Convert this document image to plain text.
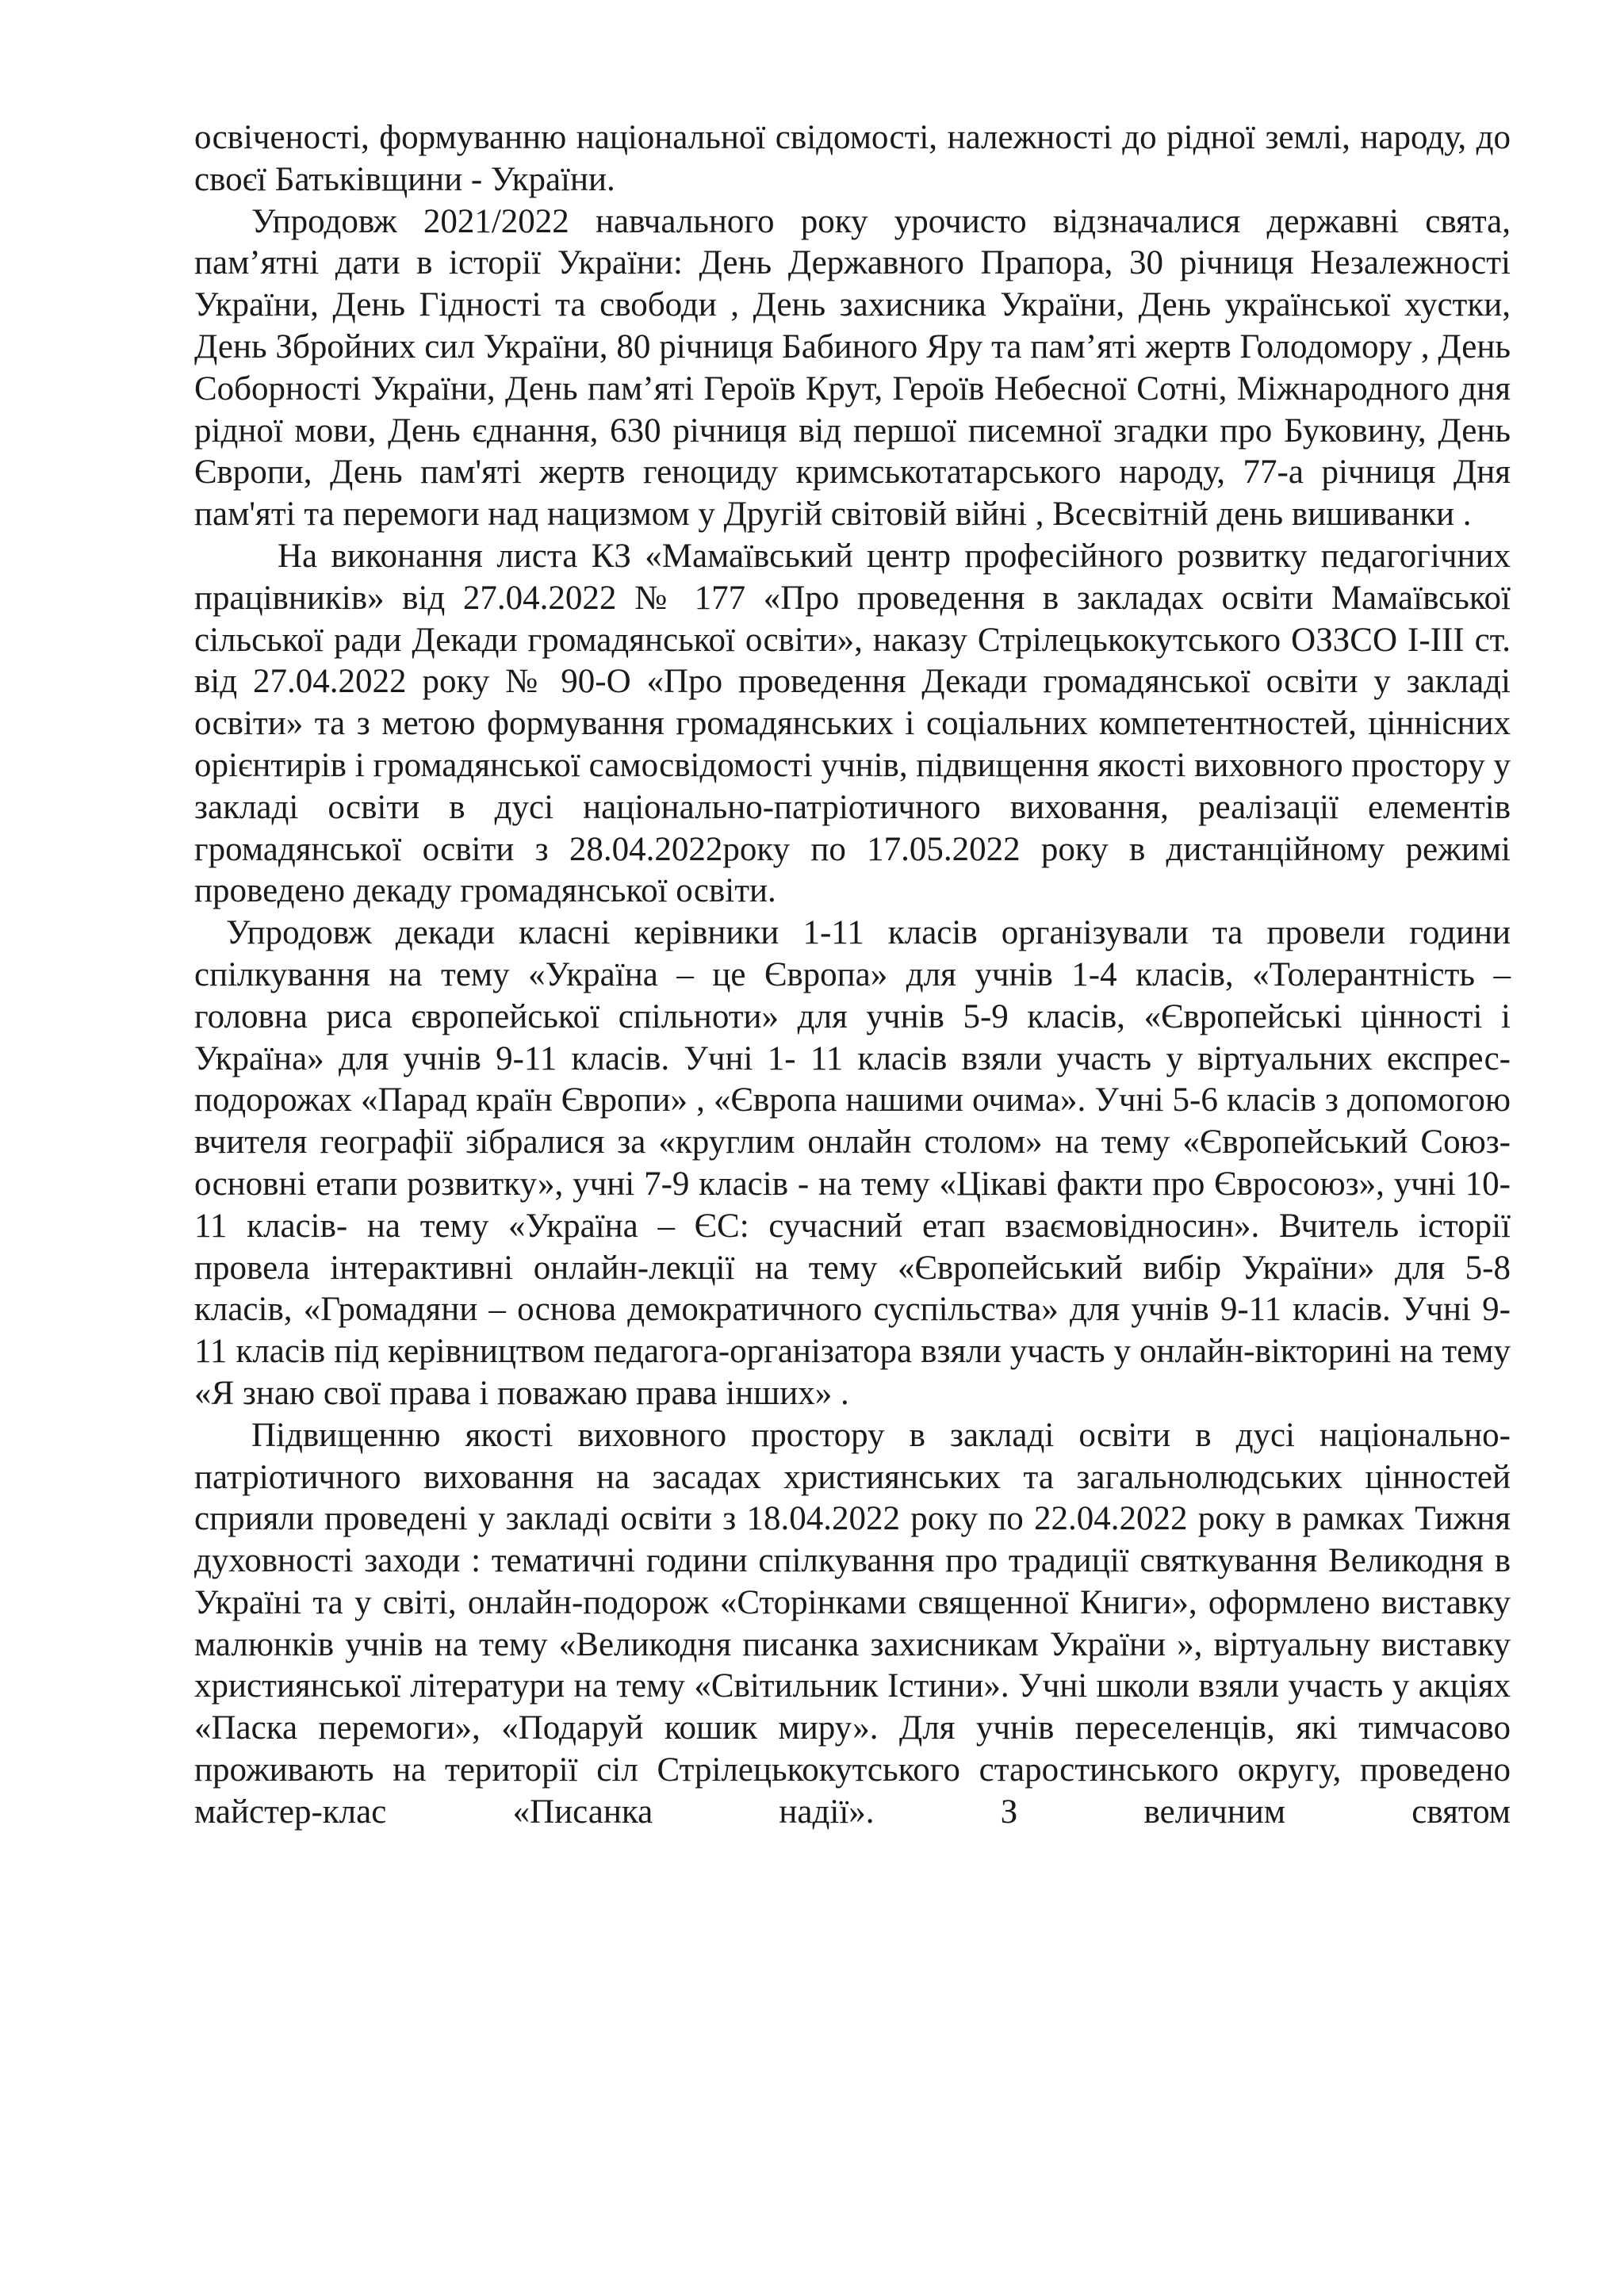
освіченості, формуванню національної свідомості, належності до рідної землі, народу, до своєї Батьківщини - України.

Упродовж 2021/2022 навчального року урочисто відзначалися державні свята, пам’ятні дати в історії України: День Державного Прапора, 30 річниця Незалежності України, День Гідності та свободи , День захисника України, День української хустки, День Збройних сил України, 80 річниця Бабиного Яру та пам’яті жертв Голодомору , День Соборності України, День пам’яті Героїв Крут, Героїв Небесної Сотні, Міжнародного дня рідної мови, День єднання, 630 річниця від першої писемної згадки про Буковину, День Європи, День пам'яті жертв геноциду кримськотатарського народу, 77-а річниця Дня пам'яті та перемоги над нацизмом у Другій світовій війні , Всесвітній день вишиванки .

На виконання листа КЗ «Мамаївський центр професійного розвитку педагогічних працівників» від 27.04.2022 № 177 «Про проведення в закладах освіти Мамаївської сільської ради Декади громадянської освіти», наказу Стрілецькокутського ОЗЗСО І-ІІІ ст. від 27.04.2022 року № 90-О «Про проведення Декади громадянської освіти у закладі освіти» та з метою формування громадянських і соціальних компетентностей, ціннісних орієнтирів і громадянської самосвідомості учнів, підвищення якості виховного простору у закладі освіти в дусі національно-патріотичного виховання, реалізації елементів громадянської освіти з 28.04.2022року по 17.05.2022 року в дистанційному режимі проведено декаду громадянської освіти.

Упродовж декади класні керівники 1-11 класів організували та провели години спілкування на тему «Україна – це Європа» для учнів 1-4 класів, «Толерантність – головна риса європейської спільноти» для учнів 5-9 класів, «Європейські цінності і Україна» для учнів 9-11 класів. Учні 1- 11 класів взяли участь у віртуальних експрес-подорожах «Парад країн Європи» , «Європа нашими очима». Учні 5-6 класів з допомогою вчителя географії зібралися за «круглим онлайн столом» на тему «Європейський Союз-основні етапи розвитку», учні 7-9 класів - на тему «Цікаві факти про Євросоюз», учні 10-11 класів- на тему «Україна – ЄС: сучасний етап взаємовідносин». Вчитель історії провела інтерактивні онлайн-лекції на тему «Європейський вибір України» для 5-8 класів, «Громадяни – основа демократичного суспільства» для учнів 9-11 класів. Учні 9-11 класів під керівництвом педагога-організатора взяли участь у онлайн-вікторині на тему «Я знаю свої права і поважаю права інших» .

Підвищенню якості виховного простору в закладі освіти в дусі національно-патріотичного виховання на засадах християнських та загальнолюдських цінностей сприяли проведені у закладі освіти з 18.04.2022 року по 22.04.2022 року в рамках Тижня духовності заходи : тематичні години спілкування про традиції святкування Великодня в Україні та у світі, онлайн-подорож «Сторінками священної Книги», оформлено виставку малюнків учнів на тему «Великодня писанка захисникам України », віртуальну виставку християнської літератури на тему «Світильник Істини». Учні школи взяли участь у акціях «Паска перемоги», «Подаруй кошик миру». Для учнів переселенців, які тимчасово проживають на території сіл Стрілецькокутського старостинського округу, проведено майстер-клас «Писанка надії». З величним святом
